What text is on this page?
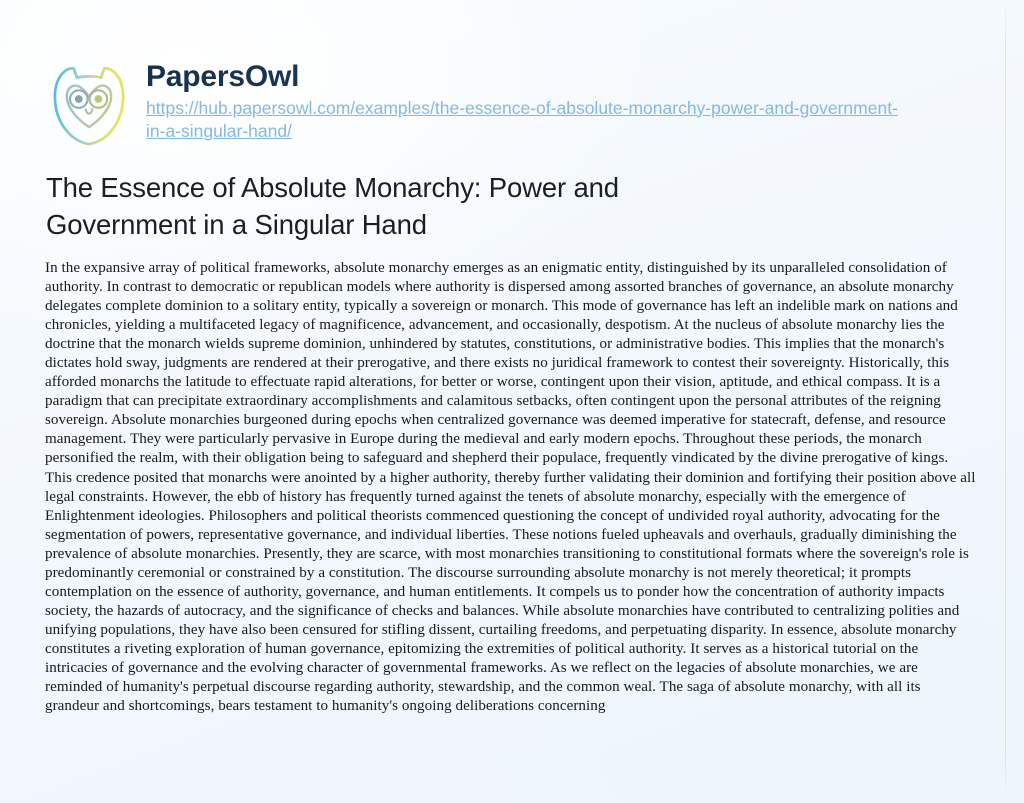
PapersOwl
https://hub.papersowl.com/examples/the-essence-of-absolute-monarchy-power-and-government-in-a-singular-hand/
The Essence of Absolute Monarchy: Power and Government in a Singular Hand

In the expansive array of political frameworks, absolute monarchy emerges as an enigmatic entity, distinguished by its unparalleled consolidation of authority. In contrast to democratic or republican models where authority is dispersed among assorted branches of governance, an absolute monarchy delegates complete dominion to a solitary entity, typically a sovereign or monarch. This mode of governance has left an indelible mark on nations and chronicles, yielding a multifaceted legacy of magnificence, advancement, and occasionally, despotism. At the nucleus of absolute monarchy lies the doctrine that the monarch wields supreme dominion, unhindered by statutes, constitutions, or administrative bodies. This implies that the monarch's dictates hold sway, judgments are rendered at their prerogative, and there exists no juridical framework to contest their sovereignty. Historically, this afforded monarchs the latitude to effectuate rapid alterations, for better or worse, contingent upon their vision, aptitude, and ethical compass. It is a paradigm that can precipitate extraordinary accomplishments and calamitous setbacks, often contingent upon the personal attributes of the reigning sovereign. Absolute monarchies burgeoned during epochs when centralized governance was deemed imperative for statecraft, defense, and resource management. They were particularly pervasive in Europe during the medieval and early modern epochs. Throughout these periods, the monarch personified the realm, with their obligation being to safeguard and shepherd their populace, frequently vindicated by the divine prerogative of kings. This credence posited that monarchs were anointed by a higher authority, thereby further validating their dominion and fortifying their position above all legal constraints. However, the ebb of history has frequently turned against the tenets of absolute monarchy, especially with the emergence of Enlightenment ideologies. Philosophers and political theorists commenced questioning the concept of undivided royal authority, advocating for the segmentation of powers, representative governance, and individual liberties. These notions fueled upheavals and overhauls, gradually diminishing the prevalence of absolute monarchies. Presently, they are scarce, with most monarchies transitioning to constitutional formats where the sovereign's role is predominantly ceremonial or constrained by a constitution. The discourse surrounding absolute monarchy is not merely theoretical; it prompts contemplation on the essence of authority, governance, and human entitlements. It compels us to ponder how the concentration of authority impacts society, the hazards of autocracy, and the significance of checks and balances. While absolute monarchies have contributed to centralizing polities and unifying populations, they have also been censured for stifling dissent, curtailing freedoms, and perpetuating disparity. In essence, absolute monarchy constitutes a riveting exploration of human governance, epitomizing the extremities of political authority. It serves as a historical tutorial on the intricacies of governance and the evolving character of governmental frameworks. As we reflect on the legacies of absolute monarchies, we are reminded of humanity's perpetual discourse regarding authority, stewardship, and the common weal. The saga of absolute monarchy, with all its grandeur and shortcomings, bears testament to humanity's ongoing deliberations concerning
